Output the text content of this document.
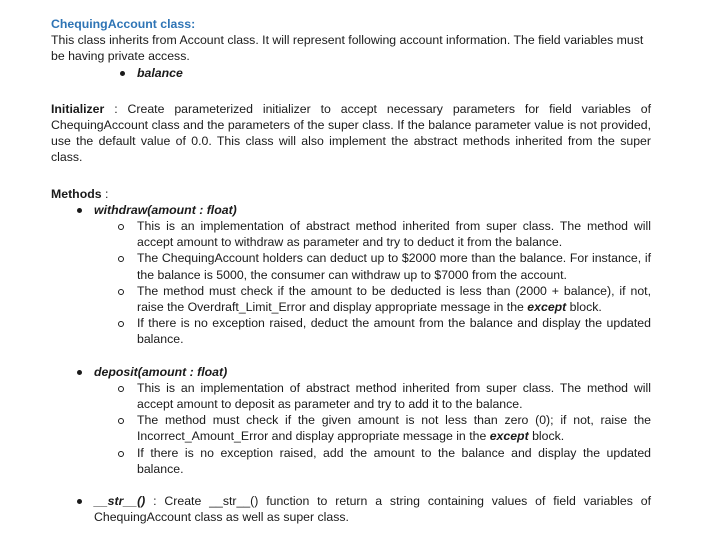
ChequingAccount class:

This class inherits from Account class. It will represent following account information. The field variables must be having private access.

balance

Initializer : Create parameterized initializer to accept necessary parameters for field variables of ChequingAccount class and the parameters of the super class. If the balance parameter value is not provided, use the default value of 0.0. This class will also implement the abstract methods inherited from the super class.

Methods :

withdraw(amount : float)
This is an implementation of abstract method inherited from super class. The method will accept amount to withdraw as parameter and try to deduct it from the balance.
The ChequingAccount holders can deduct up to $2000 more than the balance. For instance, if the balance is 5000, the consumer can withdraw up to $7000 from the account.
The method must check if the amount to be deducted is less than (2000 + balance), if not, raise the Overdraft_Limit_Error and display appropriate message in the except block.
If there is no exception raised, deduct the amount from the balance and display the updated balance.
deposit(amount : float)
This is an implementation of abstract method inherited from super class. The method will accept amount to deposit as parameter and try to add it to the balance.
The method must check if the given amount is not less than zero (0); if not, raise the Incorrect_Amount_Error and display appropriate message in the except block.
If there is no exception raised, add the amount to the balance and display the updated balance.
__str__() : Create __str__() function to return a string containing values of field variables of ChequingAccount class as well as super class.
